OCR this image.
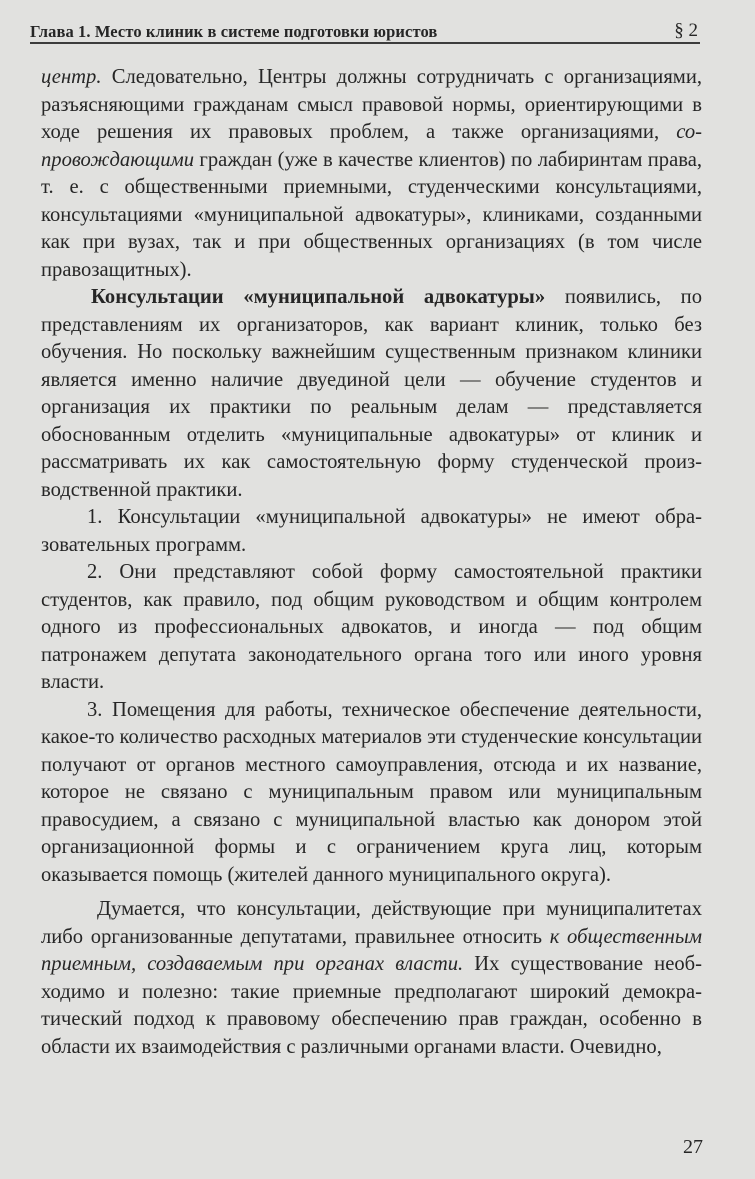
Глава 1. Место клиник в системе подготовки юристов	§ 2

центр. Следовательно, Центры должны сотрудничать с организациями, разъясняющими гражданам смысл правовой нормы, ориентирующими в ходе решения их правовых проблем, а также организациями, сопровождающими граждан (уже в качестве клиентов) по лабиринтам права, т. е. с общественными приемными, студенческими консультациями, консультациями «муниципальной адвокатуры», клиниками, созданными как при вузах, так и при общественных организациях (в том числе правозащитных).

Консультации «муниципальной адвокатуры» появились, по представлениям их организаторов, как вариант клиник, только без обучения. Но поскольку важнейшим существенным признаком клиники является именно наличие двуединой цели — обучение студентов и организация их практики по реальным делам — представляется обоснованным отделить «муниципальные адвокатуры» от клиник и рассматривать их как самостоятельную форму студенческой производственной практики.

1. Консультации «муниципальной адвокатуры» не имеют образовательных программ.

2. Они представляют собой форму самостоятельной практики студентов, как правило, под общим руководством и общим контролем одного из профессиональных адвокатов, и иногда — под общим патронажем депутата законодательного органа того или иного уровня власти.

3. Помещения для работы, техническое обеспечение деятельности, какое-то количество расходных материалов эти студенческие консультации получают от органов местного самоуправления, отсюда и их название, которое не связано с муниципальным правом или муниципальным правосудием, а связано с муниципальной властью как донором этой организационной формы и с ограничением круга лиц, которым оказывается помощь (жителей данного муниципального округа).

Думается, что консультации, действующие при муниципалитетах либо организованные депутатами, правильнее относить к общественным приемным, создаваемым при органах власти. Их существование необходимо и полезно: такие приемные предполагают широкий демократический подход к правовому обеспечению прав граждан, особенно в области их взаимодействия с различными органами власти. Очевидно,

27
